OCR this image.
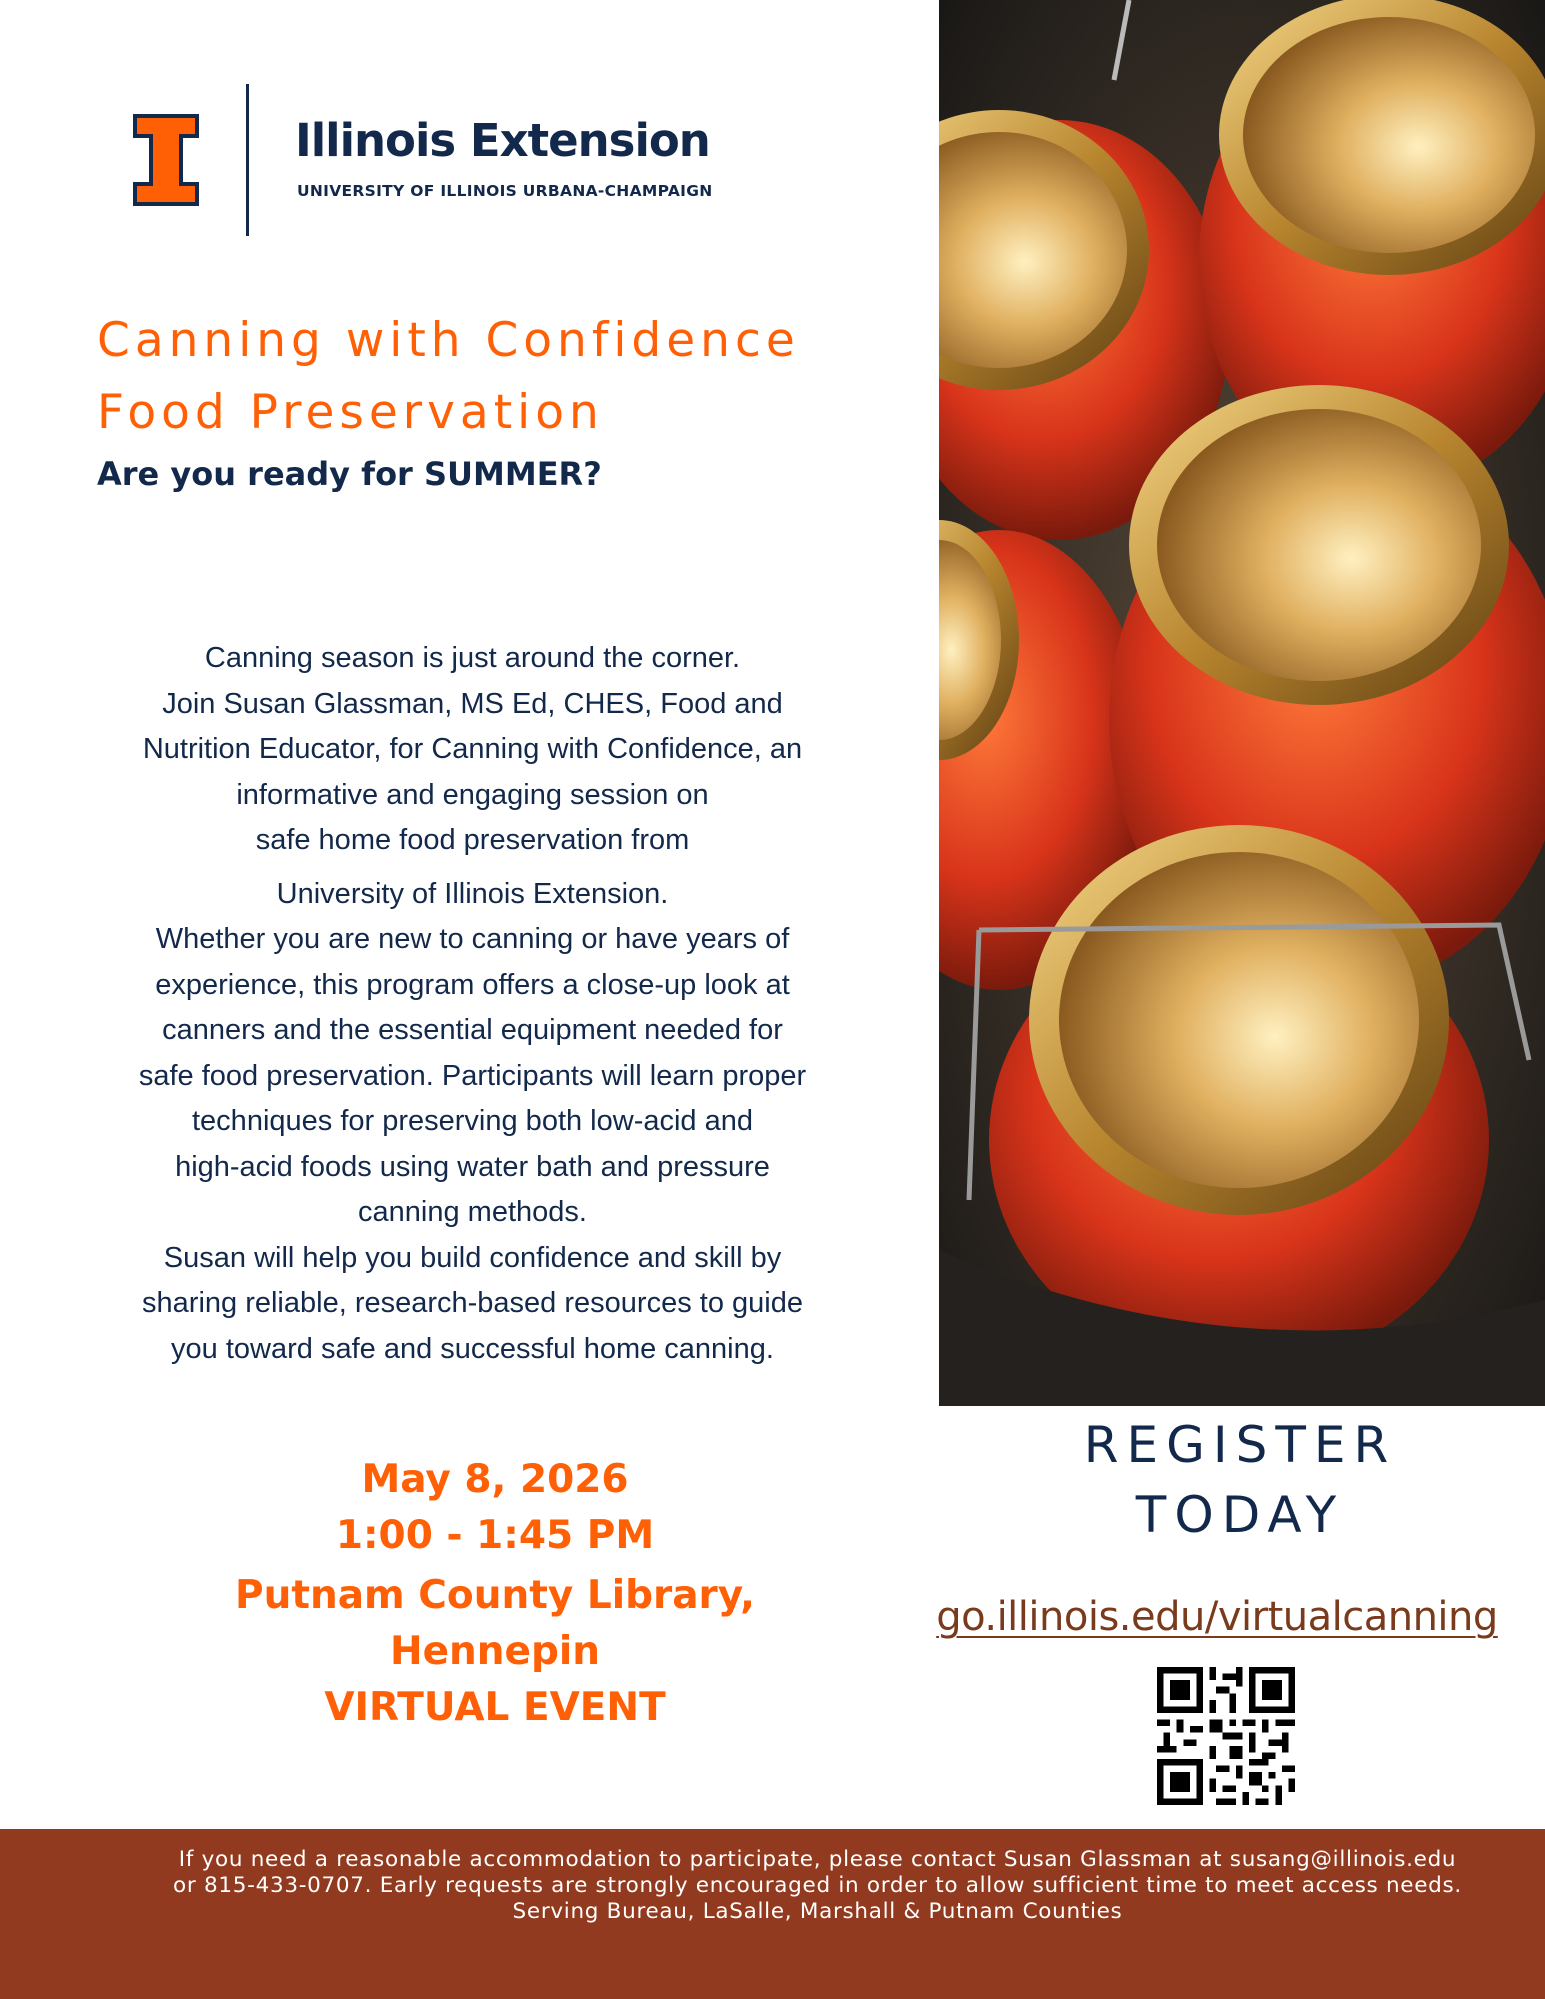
Illinois Extension
UNIVERSITY OF ILLINOIS URBANA-CHAMPAIGN
Canning with Confidence
Food Preservation
Are you ready for SUMMER?
Canning season is just around the corner.
Join Susan Glassman, MS Ed, CHES, Food and
Nutrition Educator, for Canning with Confidence, an
informative and engaging session on
safe home food preservation from
University of Illinois Extension.
Whether you are new to canning or have years of
experience, this program offers a close-up look at
canners and the essential equipment needed for
safe food preservation. Participants will learn proper
techniques for preserving both low-acid and
high-acid foods using water bath and pressure
canning methods.
Susan will help you build confidence and skill by
sharing reliable, research-based resources to guide
you toward safe and successful home canning.
May 8, 2026
1:00 - 1:45 PM
Putnam County Library,
Hennepin
VIRTUAL EVENT
REGISTER
TODAY
go.illinois.edu/virtualcanning
If you need a reasonable accommodation to participate, please contact Susan Glassman at susang@illinois.edu
or 815-433-0707. Early requests are strongly encouraged in order to allow sufficient time to meet access needs.
Serving Bureau, LaSalle, Marshall & Putnam Counties
